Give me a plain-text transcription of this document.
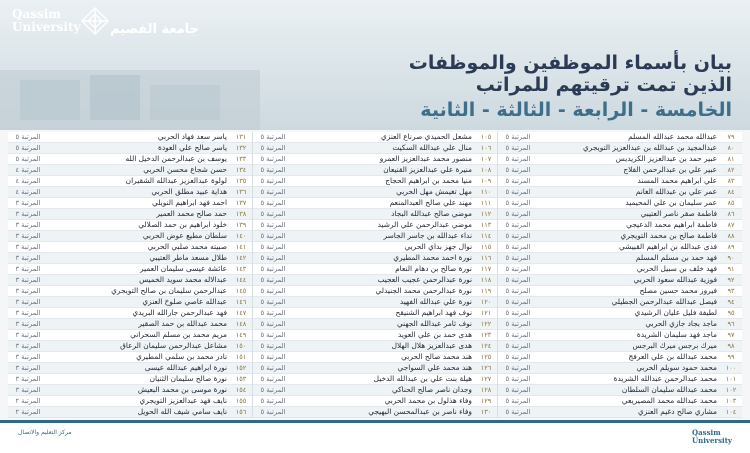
Qassim
University جامعة القصيم
بيان بأسماء الموظفين والموظفات
الذين تمت ترقيتهم للمراتب
الخامسة - الرابعة - الثالثة - الثانية
٧٩
عبدالله محمد عبدالله المسلم
المرتبة ٥
٨٠
عبدالمجيد بن عبدالله بن عبدالعزيز التويجري
المرتبة ٥
٨١
عبير حمد بن عبدالعزيز الكريديس
المرتبة ٥
٨٢
عبير علي بن عبدالرحمن الفلاج
المرتبة ٥
٨٣
علي ابراهيم محمد المسند
المرتبة ٥
٨٤
عمر علي بن عبدالله الغانم
المرتبة ٥
٨٥
عمر سليمان بن علي المحيميد
المرتبة ٥
٨٦
فاطمة صقر ناصر العتيبي
المرتبة ٥
٨٧
فاطمة ابراهيم محمد الدعيجي
المرتبة ٥
٨٨
فاطمة صالح بن محمد التويجري
المرتبة ٥
٨٩
فدى عبدالله بن ابراهيم القبيشي
المرتبة ٥
٩٠
فهد حمد بن مسلم المسلم
المرتبة ٥
٩١
فهد خلف بن سبيل الحربي
المرتبة ٥
٩٢
فوزية عبدالله سعود الحربي
المرتبة ٥
٩٣
فيروز محمد حسين مصلح
المرتبة ٥
٩٤
فيصل عبدالله عبدالرحمن الجطيلي
المرتبة ٥
٩٥
لطيفة فليل عليان الرشيدي
المرتبة ٥
٩٦
ماجد بجاد جازي الحربي
المرتبة ٥
٩٧
ماجد فهد سليمان الشريدة
المرتبة ٥
٩٨
ميرك برجس ميرك البرجس
المرتبة ٥
٩٩
محمد عبدالله بن علي العرفج
المرتبة ٥
١٠٠
محمد حمود سويلم الحربي
المرتبة ٥
١٠١
محمد عبدالرحمن عبدالله الشريدة
المرتبة ٥
١٠٢
محمد عبدالله سليمان السلطان
المرتبة ٥
١٠٣
محمد عبدالله محمد المصيريعي
المرتبة ٥
١٠٤
مشاري صالح دغيم العنزي
المرتبة ٥
١٠٥
مشعل الحميدي صرناع العنزي
المرتبة ٥
١٠٦
منال علي عبدالله السكيت
المرتبة ٥
١٠٧
منصور محمد عبدالعزيز العمرو
المرتبة ٥
١٠٨
منيرة علي عبدالعزيز القنيعان
المرتبة ٥
١٠٩
منيا محمد بن ابراهيم الحجاج
المرتبة ٥
١١٠
مهل تغيمش مهل الحربي
المرتبة ٥
١١١
مهند علي صالح العبدالمنعم
المرتبة ٥
١١٢
موضي صالح عبدالله البجاد
المرتبة ٥
١١٣
موضي عبدالرحمن علي الرشيد
المرتبة ٥
١١٤
نداء عبدالله بن جاسر الجاسر
المرتبة ٥
١١٥
نوال جهز بداي الحربي
المرتبة ٥
١١٦
نورة احمد محمد المطيري
المرتبة ٥
١١٧
نورة صالح بن دهام النعام
المرتبة ٥
١١٨
نورة عبدالرحمن عجيب العجيب
المرتبة ٥
١١٩
نورة عبدالرحمن محمد الجنيدلي
المرتبة ٥
١٢٠
نورة علي عبدالله الفهيد
المرتبة ٥
١٢١
نوف فهد ابراهيم الشنيقح
المرتبة ٥
١٢٢
نوف ثامر عبدالله الجهني
المرتبة ٥
١٢٣
هدى حمد بن علي العويد
المرتبة ٥
١٢٤
هدى عبدالعزيز هلال الهلال
المرتبة ٥
١٢٥
هند محمد صالح الحربي
المرتبة ٥
١٢٦
هند محمد علي السواجي
المرتبة ٥
١٢٧
هيلة بنت علي بن عبدالله الدخيل
المرتبة ٥
١٢٨
وجدان ناصر صالح الحناكي
المرتبة ٥
١٢٩
وفاء هذلول بن محمد الحربي
المرتبة ٥
١٣٠
وفاء ناصر بن عبدالمحسن البهيجي
المرتبة ٥
١٣١
ياسر سعد فهاد الحربي
المرتبة ٥
١٣٢
ياسر صالح علي العودة
المرتبة ٥
١٣٣
يوسف بن عبدالرحمن الدخيل الله
المرتبة ٥
١٣٤
حسن شجاع محسن الحربي
المرتبة ٤
١٣٥
لولوة عبدالعزيز عبدالله الشقيران
المرتبة ٤
١٣٦
هداية عبيد مطلق الحربي
المرتبة ٤
١٣٧
احمد فهد ابراهيم النويلي
المرتبة ٣
١٣٨
حمد صالح محمد العمير
المرتبة ٣
١٣٩
خلود ابراهيم بن حمد الصلالي
المرتبة ٣
١٤٠
سلطان مطيع عوض الحربي
المرتبة ٣
١٤١
صبيته محمد صلبي الحربي
المرتبة ٣
١٤٢
طلال مسعد ماطر العتيبي
المرتبة ٣
١٤٣
عائشة عيسى سليمان العمير
المرتبة ٣
١٤٤
عبدالاله محمد سويد الخميس
المرتبة ٣
١٤٥
عبدالرحمن سليمان بن صالح التويجري
المرتبة ٣
١٤٦
عبدالله عاصي صلوخ العنزي
المرتبة ٣
١٤٧
فهد عبدالرحمن جارالله البريدي
المرتبة ٣
١٤٨
محمد عبدالله بن حمد الصقير
المرتبة ٣
١٤٩
مريم محمد بن مسلم السحراني
المرتبة ٣
١٥٠
مشاعل عبدالرحمن سليمان الرعاق
المرتبة ٣
١٥١
نادر محمد بن سلمي المطيري
المرتبة ٣
١٥٢
نورة ابراهيم عبدالله عيسى
المرتبة ٣
١٥٣
نورة صالح سليمان الثنيان
المرتبة ٣
١٥٤
نورة موسى بن محمد البعيش
المرتبة ٣
١٥٥
نايف فهد عبدالعزيز التويجري
المرتبة ٢
١٥٦
نايف سامي شيف الله الحويل
المرتبة ٢
مركز التعليم والاتصال	Qassim
University
